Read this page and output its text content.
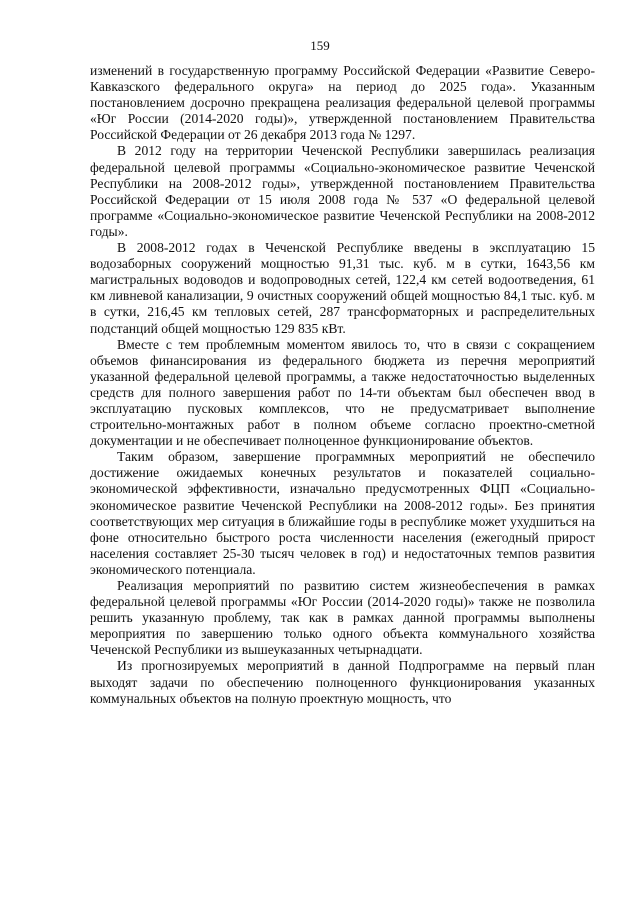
159

изменений в государственную программу Российской Федерации «Развитие Северо-Кавказского федерального округа» на период до 2025 года». Указанным постановлением досрочно прекращена реализация федеральной целевой программы «Юг России (2014-2020 годы)», утвержденной постановлением Правительства Российской Федерации от 26 декабря 2013 года № 1297.

В 2012 году на территории Чеченской Республики завершилась реализация федеральной целевой программы «Социально-экономическое развитие Чеченской Республики на 2008-2012 годы», утвержденной постановлением Правительства Российской Федерации от 15 июля 2008 года № 537 «О федеральной целевой программе «Социально-экономическое развитие Чеченской Республики на 2008-2012 годы».

В 2008-2012 годах в Чеченской Республике введены в эксплуатацию 15 водозаборных сооружений мощностью 91,31 тыс. куб. м в сутки, 1643,56 км магистральных водоводов и водопроводных сетей, 122,4 км сетей водоотведения, 61 км ливневой канализации, 9 очистных сооружений общей мощностью 84,1 тыс. куб. м в сутки, 216,45 км тепловых сетей, 287 трансформаторных и распределительных подстанций общей мощностью 129 835 кВт.

Вместе с тем проблемным моментом явилось то, что в связи с сокращением объемов финансирования из федерального бюджета из перечня мероприятий указанной федеральной целевой программы, а также недостаточностью выделенных средств для полного завершения работ по 14-ти объектам был обеспечен ввод в эксплуатацию пусковых комплексов, что не предусматривает выполнение строительно-монтажных работ в полном объеме согласно проектно-сметной документации и не обеспечивает полноценное функционирование объектов.

Таким образом, завершение программных мероприятий не обеспечило достижение ожидаемых конечных результатов и показателей социально-экономической эффективности, изначально предусмотренных ФЦП «Социально-экономическое развитие Чеченской Республики на 2008-2012 годы». Без принятия соответствующих мер ситуация в ближайшие годы в республике может ухудшиться на фоне относительно быстрого роста численности населения (ежегодный прирост населения составляет 25-30 тысяч человек в год) и недостаточных темпов развития экономического потенциала.

Реализация мероприятий по развитию систем жизнеобеспечения в рамках федеральной целевой программы «Юг России (2014-2020 годы)» также не позволила решить указанную проблему, так как в рамках данной программы выполнены мероприятия по завершению только одного объекта коммунального хозяйства Чеченской Республики из вышеуказанных четырнадцати.

Из прогнозируемых мероприятий в данной Подпрограмме на первый план выходят задачи по обеспечению полноценного функционирования указанных коммунальных объектов на полную проектную мощность, что
